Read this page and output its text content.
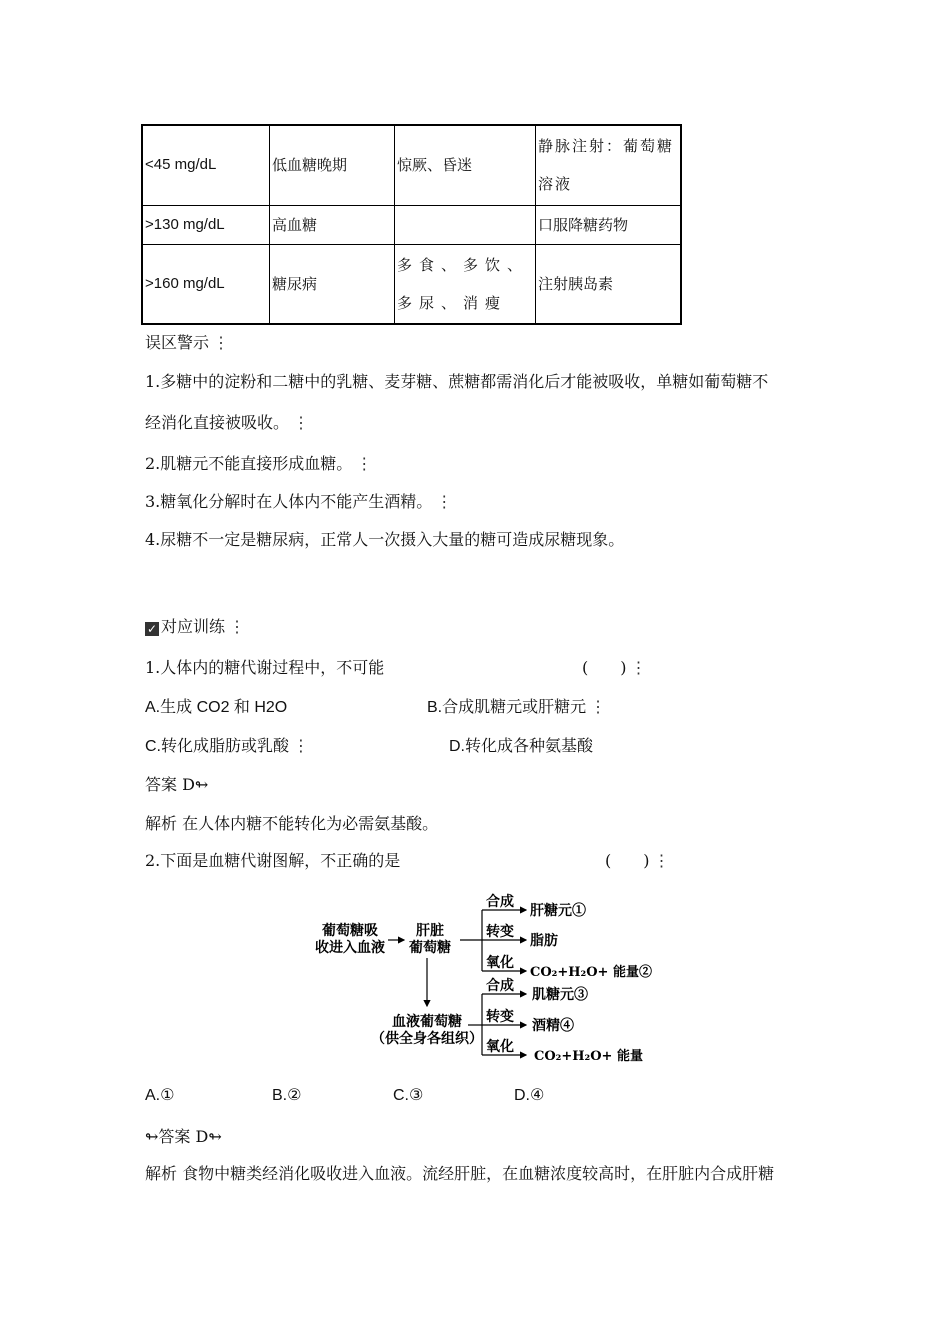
<45 mg/dL	低血糖晚期	惊厥、昏迷	静脉注射：葡萄糖溶液
>130 mg/dL	高血糖		口服降糖药物
>160 mg/dL	糖尿病	多食、多饮、多尿、消瘦	注射胰岛素
误区警示 ⋮
1.多糖中的淀粉和二糖中的乳糖、麦芽糖、蔗糖都需消化后才能被吸收，单糖如葡萄糖不
经消化直接被吸收。 ⋮
2.肌糖元不能直接形成血糖。 ⋮
3.糖氧化分解时在人体内不能产生酒精。 ⋮
4.尿糖不一定是糖尿病，正常人一次摄入大量的糖可造成尿糖现象。
✓ 对应训练 ⋮
1.人体内的糖代谢过程中，不可能	(　　) ⋮
A.生成 CO2 和 H2O	B.合成肌糖元或肝糖元 ⋮
C.转化成脂肪或乳酸 ⋮	D.转化成各种氨基酸
答案 D↬
解析 在人体内糖不能转化为必需氨基酸。
2.下面是血糖代谢图解，不正确的是	(　　) ⋮
葡萄糖吸
收进入血液
肝脏
葡萄糖
合成
转变
氧化
肝糖元①
脂肪
CO₂+H₂O+ 能量②
血液葡萄糖
（供全身各组织）
合成
转变
氧化
肌糖元③
酒精④
CO₂+H₂O+ 能量
A.①	B.②	C.③	D.④
↬答案 D↬
解析 食物中糖类经消化吸收进入血液。流经肝脏，在血糖浓度较高时，在肝脏内合成肝糖
